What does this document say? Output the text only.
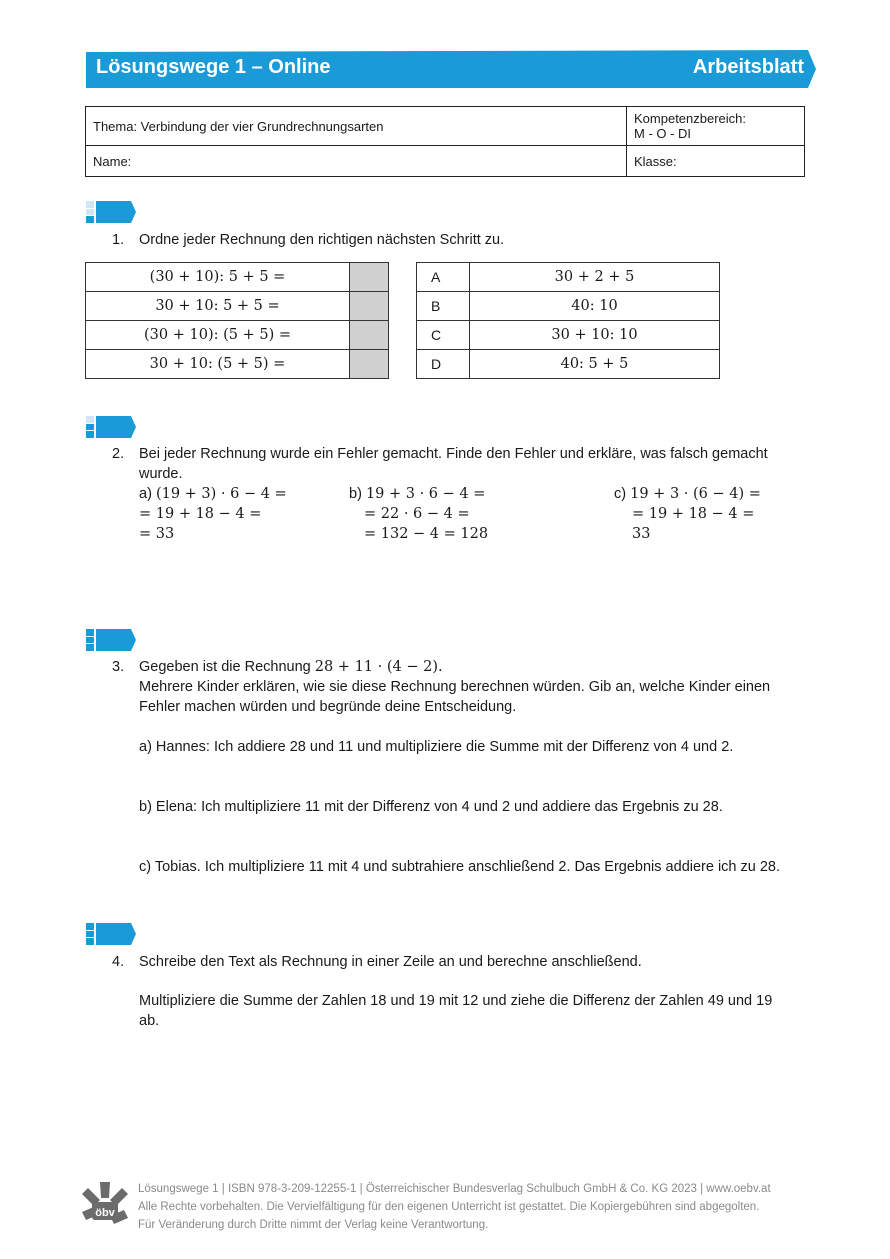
Lösungswege 1 – Online	Arbeitsblatt
Thema: Verbindung der vier Grundrechnungsarten	Kompetenzbereich:
M - O - DI

Name:	Klasse:
1. Ordne jeder Rechnung den richtigen nächsten Schritt zu.
(30 + 10): 5 + 5 =	
30 + 10: 5 + 5 =	
(30 + 10): (5 + 5) =	
30 + 10: (5 + 5) =	
A	30 + 2 + 5
B	40: 10
C	30 + 10: 10
D	40: 5 + 5
2. Bei jeder Rechnung wurde ein Fehler gemacht. Finde den Fehler und erkläre, was falsch gemacht
wurde.
a) (19 + 3) · 6 − 4 =
= 19 + 18 − 4 =
= 33
b) 19 + 3 · 6 − 4 =
= 22 · 6 − 4 =
= 132 − 4 = 128
c) 19 + 3 · (6 − 4) =
= 19 + 18 − 4 =
33
3. Gegeben ist die Rechnung 28 + 11 · (4 − 2).
Mehrere Kinder erklären, wie sie diese Rechnung berechnen würden. Gib an, welche Kinder einen
Fehler machen würden und begründe deine Entscheidung.
a) Hannes: Ich addiere 28 und 11 und multipliziere die Summe mit der Differenz von 4 und 2.
b) Elena: Ich multipliziere 11 mit der Differenz von 4 und 2 und addiere das Ergebnis zu 28.
c) Tobias. Ich multipliziere 11 mit 4 und subtrahiere anschließend 2. Das Ergebnis addiere ich zu 28.
4. Schreibe den Text als Rechnung in einer Zeile an und berechne anschließend.
Multipliziere die Summe der Zahlen 18 und 19 mit 12 und ziehe die Differenz der Zahlen 49 und 19
ab.
öbv
Lösungswege 1 | ISBN 978-3-209-12255-1 | Österreichischer Bundesverlag Schulbuch GmbH & Co. KG 2023 | www.oebv.at
Alle Rechte vorbehalten. Die Vervielfältigung für den eigenen Unterricht ist gestattet. Die Kopiergebühren sind abgegolten.
Für Veränderung durch Dritte nimmt der Verlag keine Verantwortung.
